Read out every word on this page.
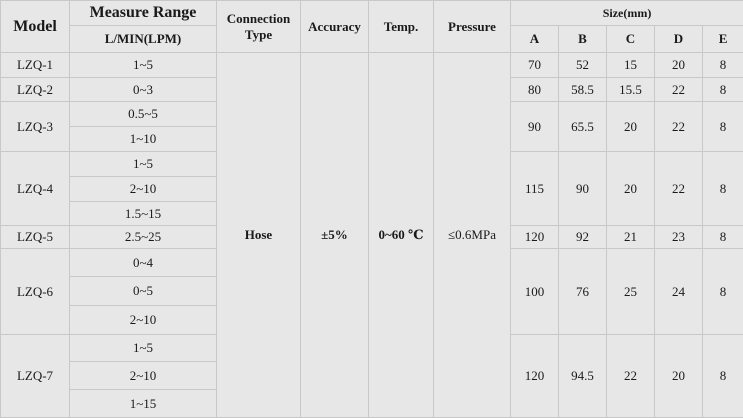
Model	Measure Range	Connection
Type	Accuracy	Temp.	Pressure	Size(mm)				
	L/MIN(LPM)					A	B	C	D	E
LZQ-1	1~5	Hose	±5%	0~60 ℃	≤0.6MPa	70	52	15	20	8
LZQ-2	0~3					80	58.5	15.5	22	8
LZQ-3	0.5~5					90	65.5	20	22	8
	1~10									
LZQ-4	1~5					115	90	20	22	8
	2~10									
	1.5~15									
LZQ-5	2.5~25					120	92	21	23	8
LZQ-6	0~4					100	76	25	24	8
	0~5									
	2~10									
LZQ-7	1~5					120	94.5	22	20	8
	2~10									
	1~15									
